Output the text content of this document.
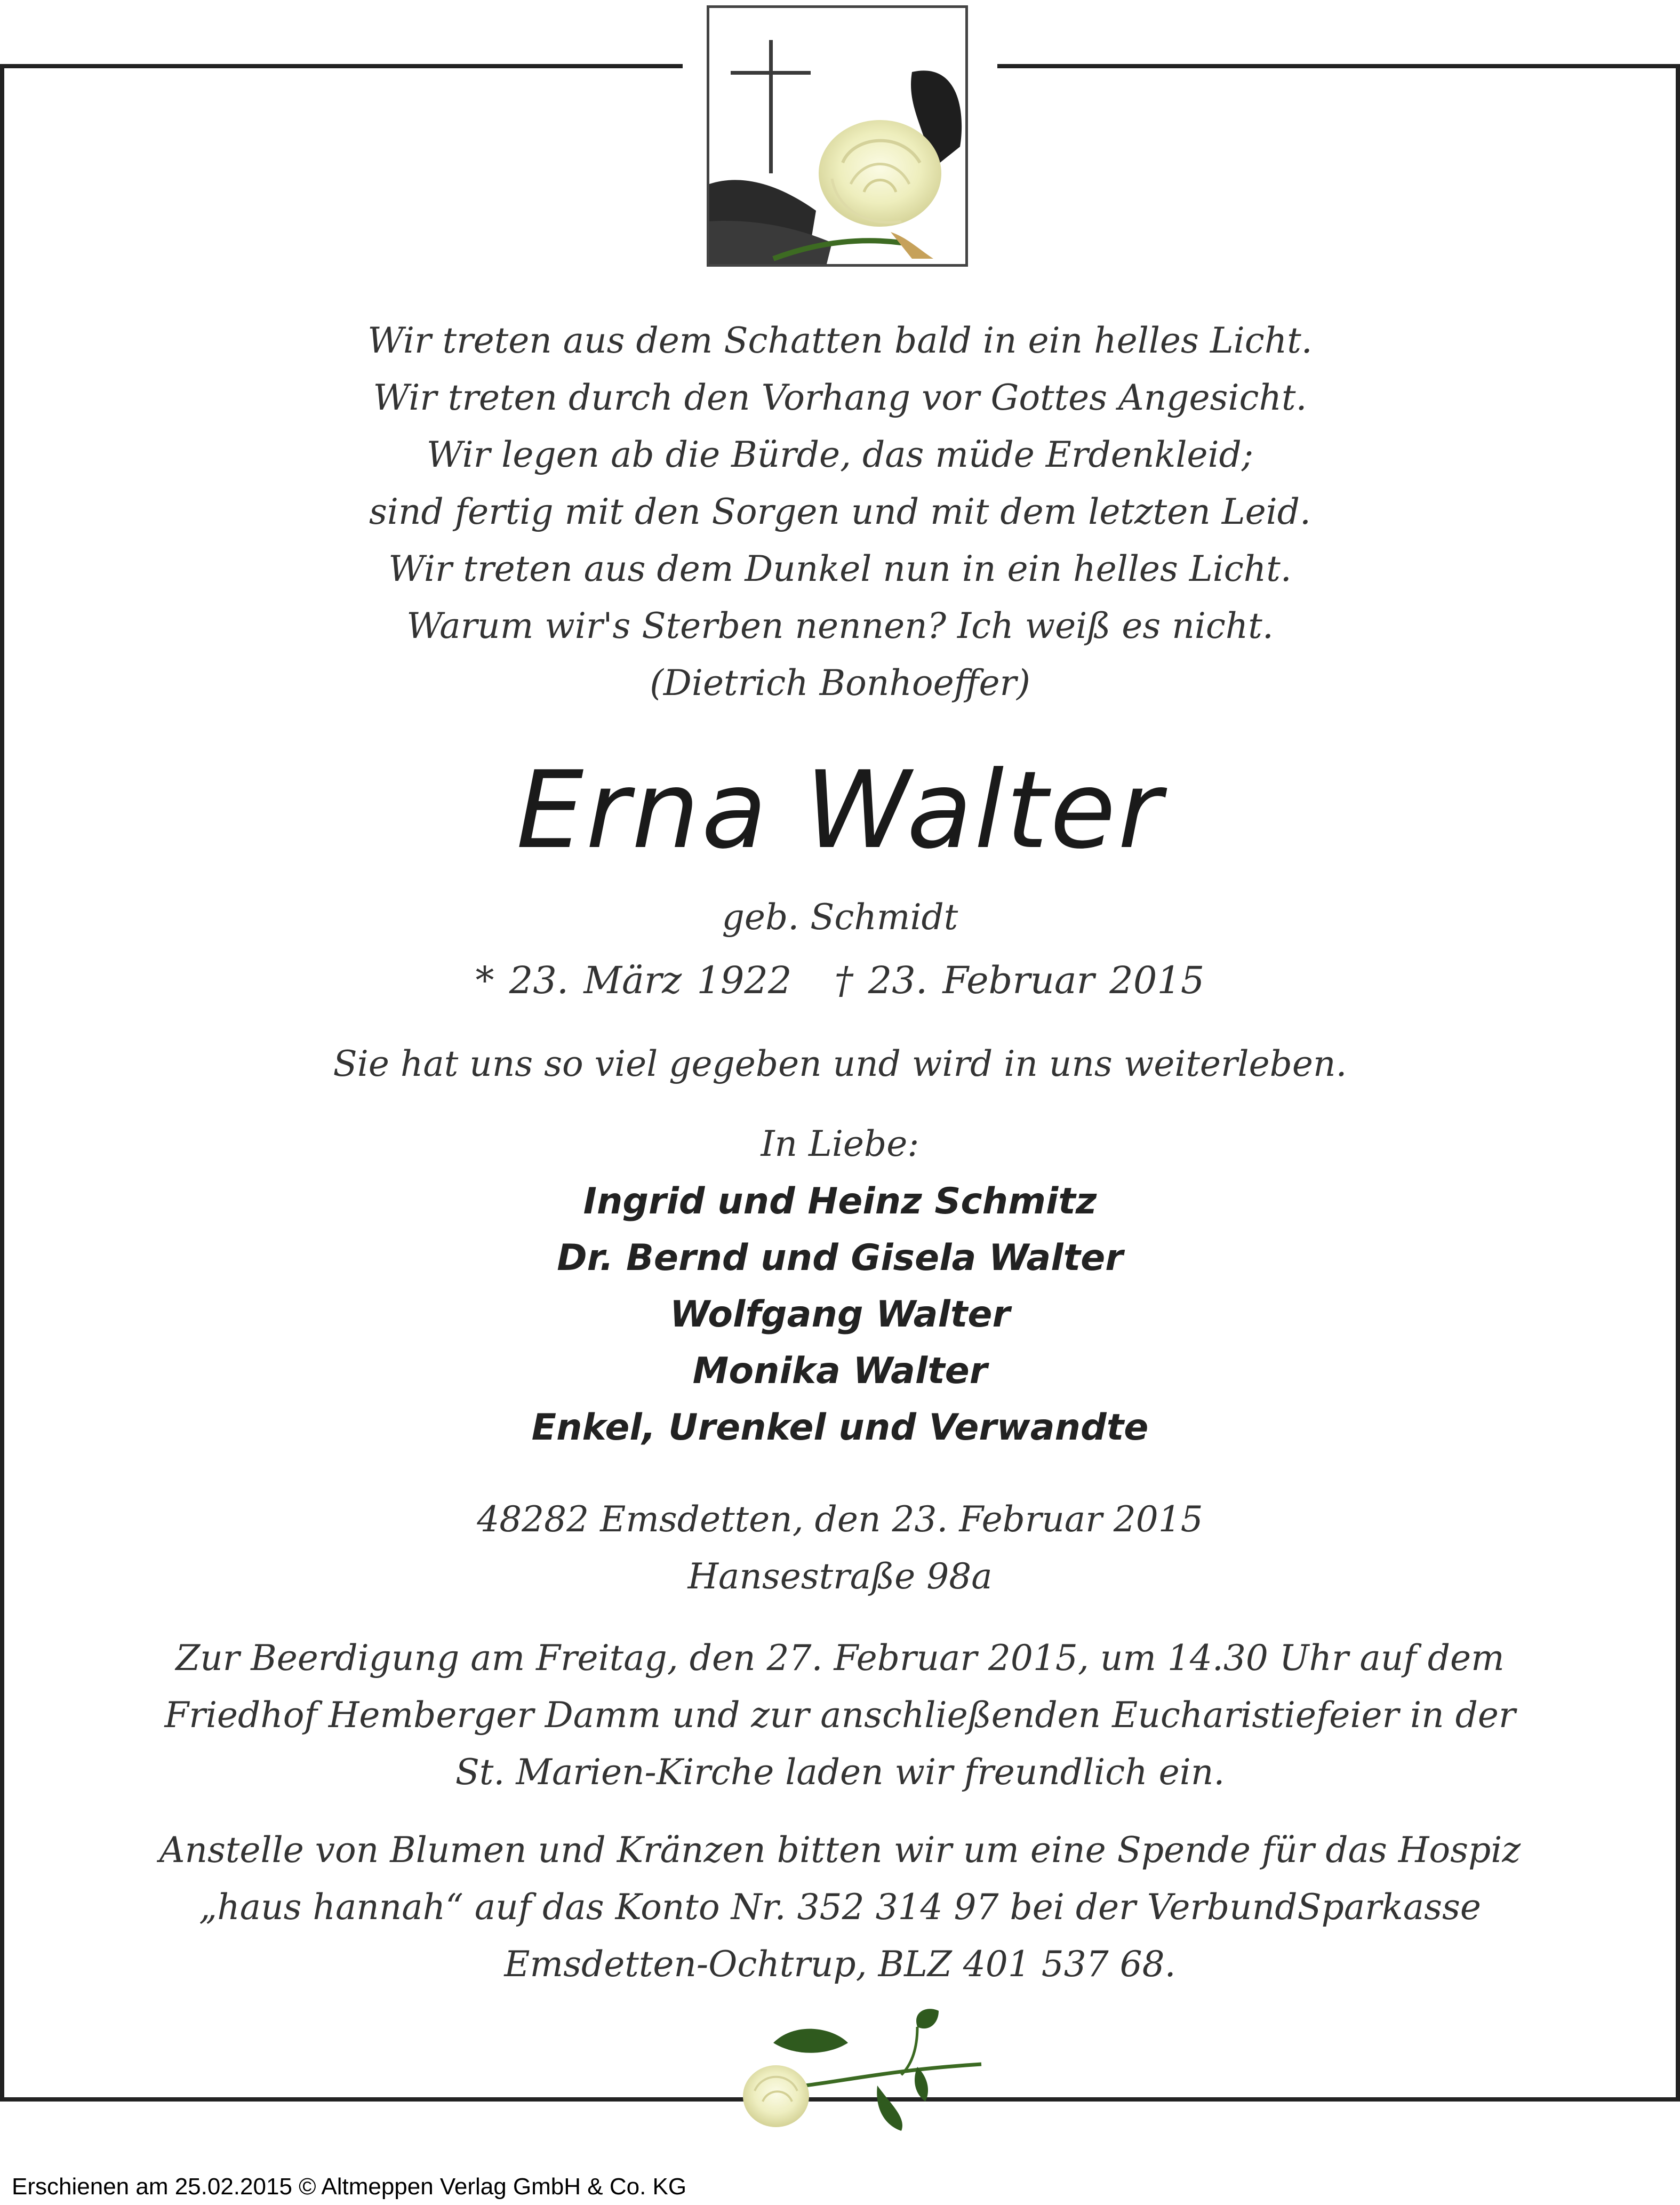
Wir treten aus dem Schatten bald in ein helles Licht.
Wir treten durch den Vorhang vor Gottes Angesicht.
Wir legen ab die Bürde, das müde Erdenkleid;
sind fertig mit den Sorgen und mit dem letzten Leid.
Wir treten aus dem Dunkel nun in ein helles Licht.
Warum wir's Sterben nennen? Ich weiß es nicht.
(Dietrich Bonhoeffer)
Erna Walter
geb. Schmidt
* 23. März 1922 † 23. Februar 2015
Sie hat uns so viel gegeben und wird in uns weiterleben.
In Liebe:
Ingrid und Heinz Schmitz
Dr. Bernd und Gisela Walter
Wolfgang Walter
Monika Walter
Enkel, Urenkel und Verwandte
48282 Emsdetten, den 23. Februar 2015
Hansestraße 98a
Zur Beerdigung am Freitag, den 27. Februar 2015, um 14.30 Uhr auf dem
Friedhof Hemberger Damm und zur anschließenden Eucharistiefeier in der
St. Marien-Kirche laden wir freundlich ein.
Anstelle von Blumen und Kränzen bitten wir um eine Spende für das Hospiz
„haus hannah“ auf das Konto Nr. 352 314 97 bei der VerbundSparkasse
Emsdetten-Ochtrup, BLZ 401 537 68.
Erschienen am 25.02.2015 © Altmeppen Verlag GmbH & Co. KG
